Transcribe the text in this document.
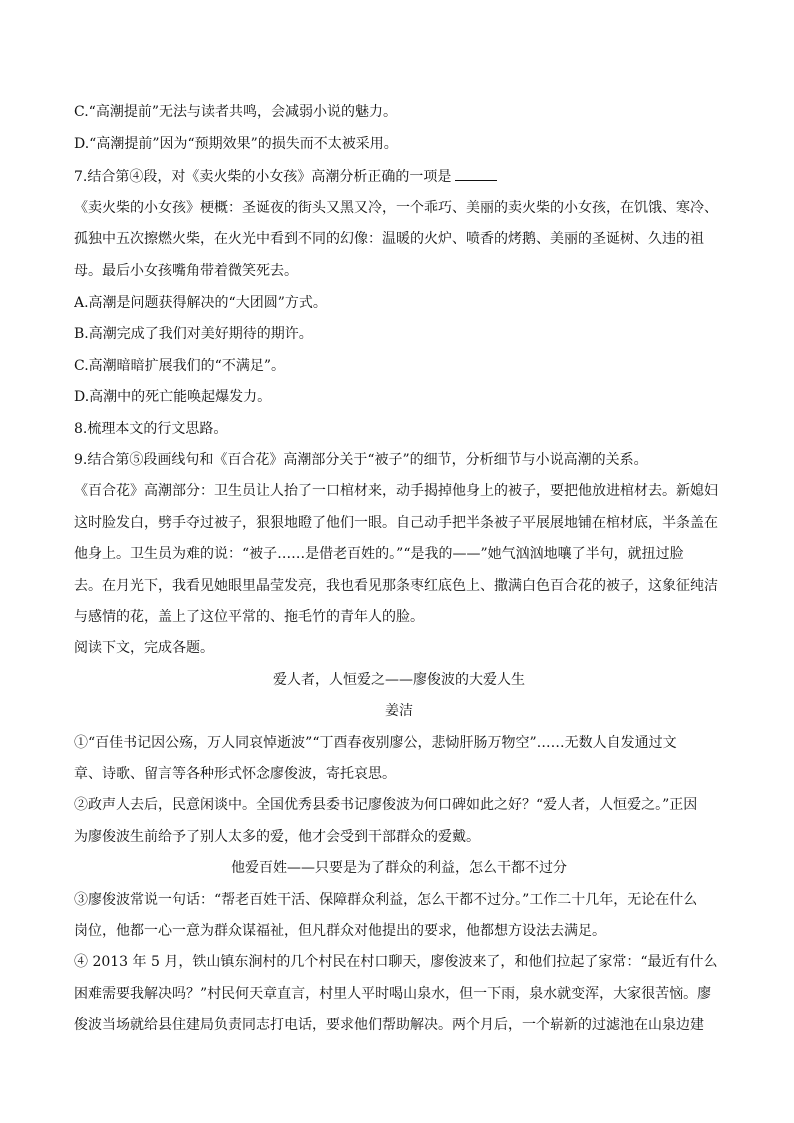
C.“高潮提前”无法与读者共鸣，会减弱小说的魅力。
D.“高潮提前”因为“预期效果”的损失而不太被采用。
7.结合第④段，对《卖火柴的小女孩》高潮分析正确的一项是
《卖火柴的小女孩》梗概：圣诞夜的街头又黑又冷，一个乖巧、美丽的卖火柴的小女孩，在饥饿、寒冷、
孤独中五次擦燃火柴，在火光中看到不同的幻像：温暖的火炉、喷香的烤鹅、美丽的圣诞树、久违的祖
母。最后小女孩嘴角带着微笑死去。
A.高潮是问题获得解决的“大团圆”方式。
B.高潮完成了我们对美好期待的期许。
C.高潮暗暗扩展我们的“不满足”。
D.高潮中的死亡能唤起爆发力。
8.梳理本文的行文思路。
9.结合第⑤段画线句和《百合花》高潮部分关于“被子”的细节，分析细节与小说高潮的关系。
《百合花》高潮部分：卫生员让人抬了一口棺材来，动手揭掉他身上的被子，要把他放进棺材去。新媳妇
这时脸发白，劈手夺过被子，狠狠地瞪了他们一眼。自己动手把半条被子平展展地铺在棺材底，半条盖在
他身上。卫生员为难的说：“被子……是借老百姓的。”“是我的——”她气汹汹地嚷了半句，就扭过脸
去。在月光下，我看见她眼里晶莹发亮，我也看见那条枣红底色上、撒满白色百合花的被子，这象征纯洁
与感情的花，盖上了这位平常的、拖毛竹的青年人的脸。
阅读下文，完成各题。
爱人者，人恒爱之——廖俊波的大爱人生
姜洁
①“百佳书记因公殇，万人同哀悼逝波”“丁酉春夜别廖公，悲恸肝肠万物空”……无数人自发通过文
章、诗歌、留言等各种形式怀念廖俊波，寄托哀思。
②政声人去后，民意闲谈中。全国优秀县委书记廖俊波为何口碑如此之好？“爱人者，人恒爱之。”正因
为廖俊波生前给予了别人太多的爱，他才会受到干部群众的爱戴。
他爱百姓——只要是为了群众的利益，怎么干都不过分
③廖俊波常说一句话：“帮老百姓干活、保障群众利益，怎么干都不过分。”工作二十几年，无论在什么
岗位，他都一心一意为群众谋福祉，但凡群众对他提出的要求，他都想方设法去满足。
④ 2013 年 5 月，铁山镇东涧村的几个村民在村口聊天，廖俊波来了，和他们拉起了家常：“最近有什么
困难需要我解决吗？”村民何天章直言，村里人平时喝山泉水，但一下雨，泉水就变浑，大家很苦恼。廖
俊波当场就给县住建局负责同志打电话，要求他们帮助解决。两个月后，一个崭新的过滤池在山泉边建
